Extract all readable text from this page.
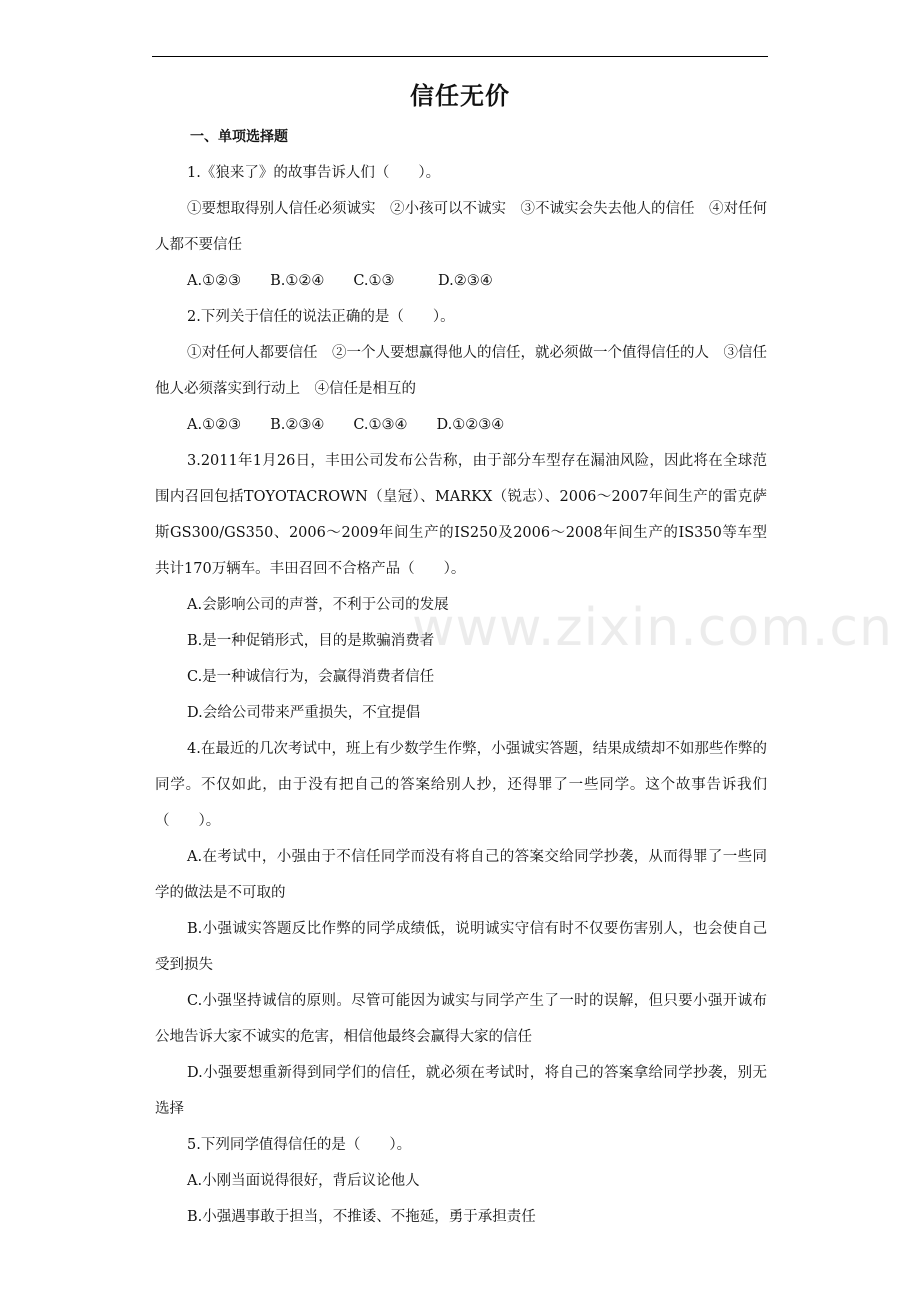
信任无价
一、单项选择题

1.《狼来了》的故事告诉人们（　　）。

①要想取得别人信任必须诚实　②小孩可以不诚实　③不诚实会失去他人的信任　④对任何人都不要信任

A.①②③　　B.①②④　　C.①③　　　D.②③④

2.下列关于信任的说法正确的是（　　）。

①对任何人都要信任　②一个人要想赢得他人的信任，就必须做一个值得信任的人　③信任他人必须落实到行动上　④信任是相互的

A.①②③　　B.②③④　　C.①③④　　D.①②③④

3.2011年1月26日，丰田公司发布公告称，由于部分车型存在漏油风险，因此将在全球范围内召回包括TOYOTACROWN（皇冠）、MARKX（锐志）、2006～2007年间生产的雷克萨斯GS300/GS350、2006～2009年间生产的IS250及2006～2008年间生产的IS350等车型共计170万辆车。丰田召回不合格产品（　　）。

A.会影响公司的声誉，不利于公司的发展

B.是一种促销形式，目的是欺骗消费者

C.是一种诚信行为，会赢得消费者信任

D.会给公司带来严重损失，不宜提倡

4.在最近的几次考试中，班上有少数学生作弊，小强诚实答题，结果成绩却不如那些作弊的同学。不仅如此，由于没有把自己的答案给别人抄，还得罪了一些同学。这个故事告诉我们（　　）。

A.在考试中，小强由于不信任同学而没有将自己的答案交给同学抄袭，从而得罪了一些同学的做法是不可取的

B.小强诚实答题反比作弊的同学成绩低，说明诚实守信有时不仅要伤害别人，也会使自己受到损失

C.小强坚持诚信的原则。尽管可能因为诚实与同学产生了一时的误解，但只要小强开诚布公地告诉大家不诚实的危害，相信他最终会赢得大家的信任

D.小强要想重新得到同学们的信任，就必须在考试时，将自己的答案拿给同学抄袭，别无选择

5.下列同学值得信任的是（　　）。

A.小刚当面说得很好，背后议论他人

B.小强遇事敢于担当，不推诿、不拖延，勇于承担责任

www.zixin.com.cn
